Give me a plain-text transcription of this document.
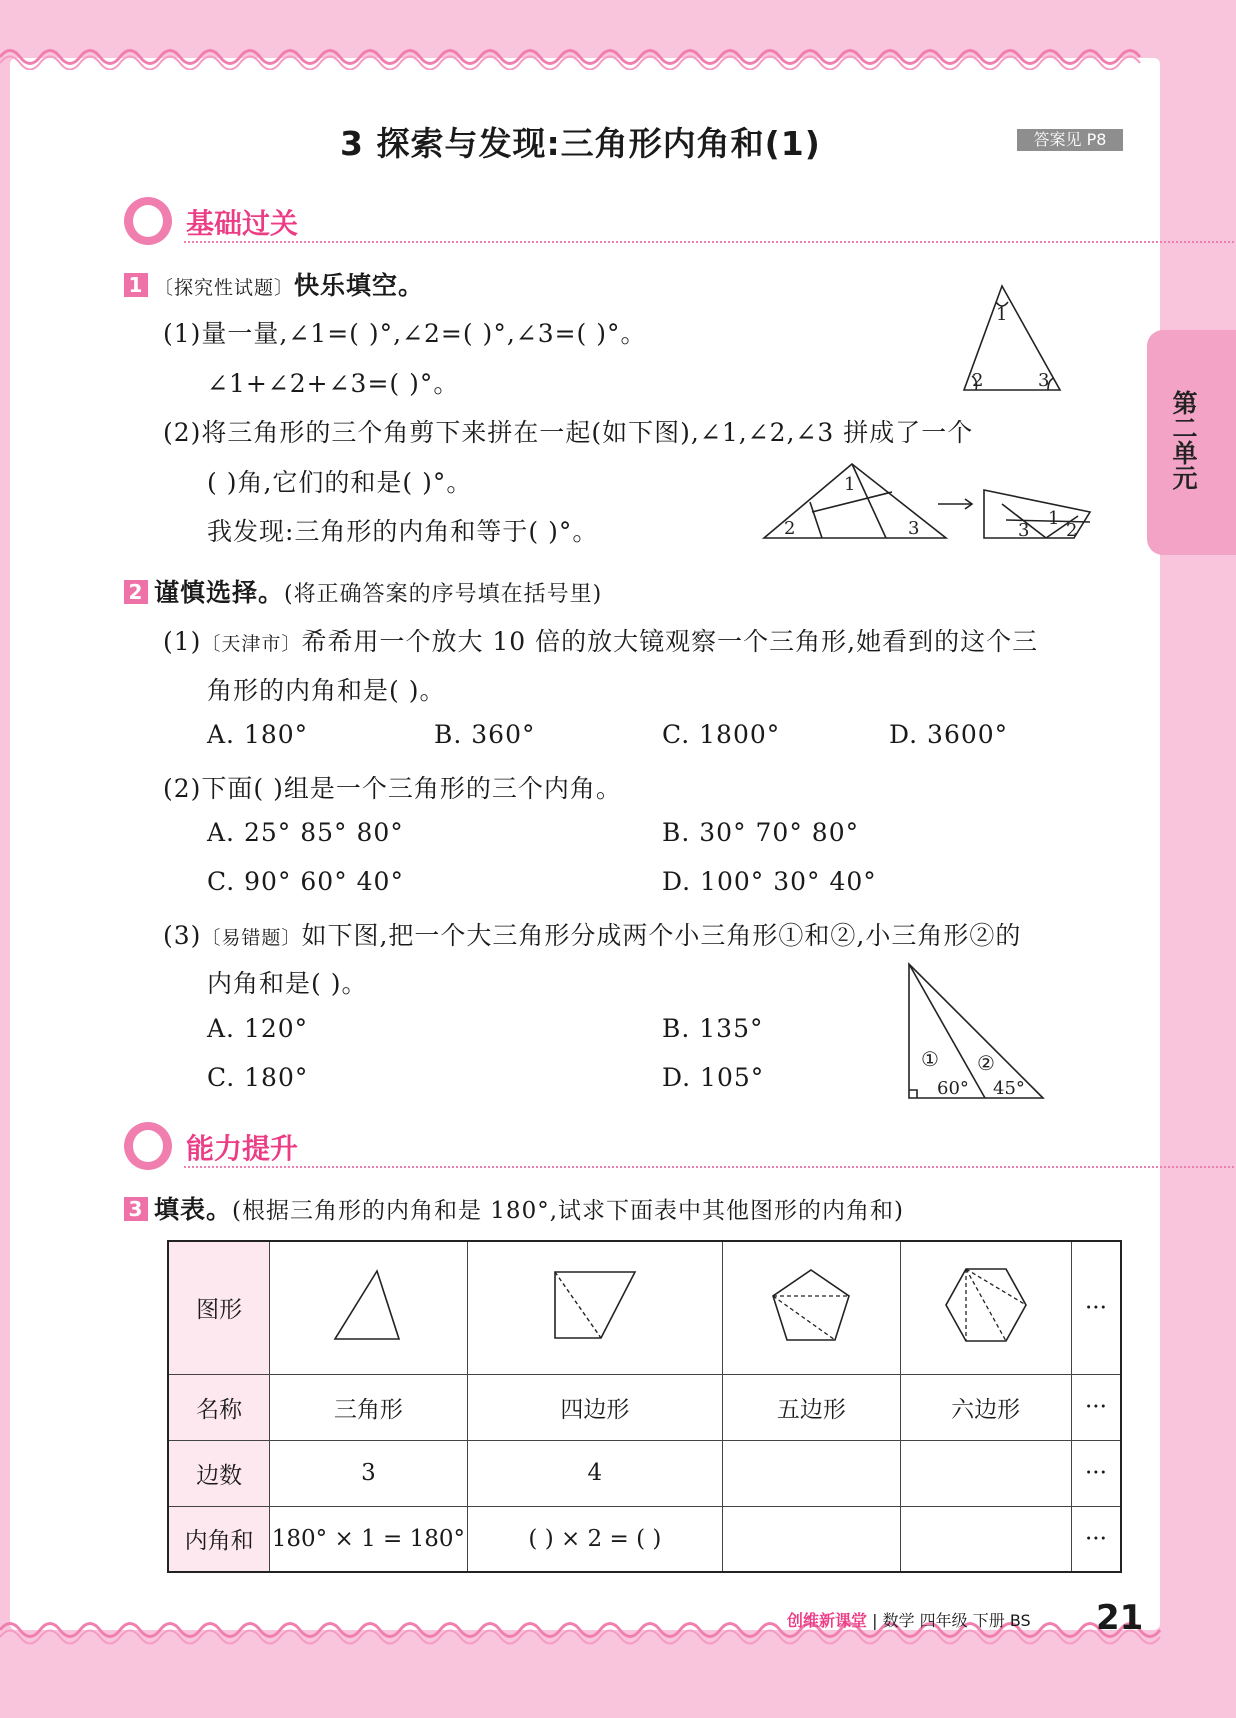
第二单元
3 探索与发现:三角形内角和(1)	答案见 P8
基础过关
1 〔探究性试题〕快乐填空。
(1)量一量,∠1=( )°,∠2=( )°,∠3=( )°。
∠1+∠2+∠3=( )°。
(2)将三角形的三个角剪下来拼在一起(如下图),∠1,∠2,∠3 拼成了一个
( )角,它们的和是( )°。
我发现:三角形的内角和等于( )°。
1
2	3
1
2	3	1
3 2
2 谨慎选择。(将正确答案的序号填在括号里)
(1)〔天津市〕希希用一个放大 10 倍的放大镜观察一个三角形,她看到的这个三
角形的内角和是( )。
A. 180°	B. 360°	C. 1800°	D. 3600°
(2)下面( )组是一个三角形的三个内角。
A. 25° 85° 80°	B. 30° 70° 80°
C. 90° 60° 40°	D. 100° 30° 40°
(3)〔易错题〕如下图,把一个大三角形分成两个小三角形①和②,小三角形②的
内角和是( )。
A. 120°	B. 135°
C. 180°	D. 105°
① ②
60° 45°
能力提升
3 填表。(根据三角形的内角和是 180°,试求下面表中其他图形的内角和)
图形					···
名称	三角形	四边形	五边形	六边形	···
边数	3	4			···
内角和	180° × 1 = 180°	( ) × 2 = ( )			···
创维新课堂 | 数学 四年级 下册 BS 21
